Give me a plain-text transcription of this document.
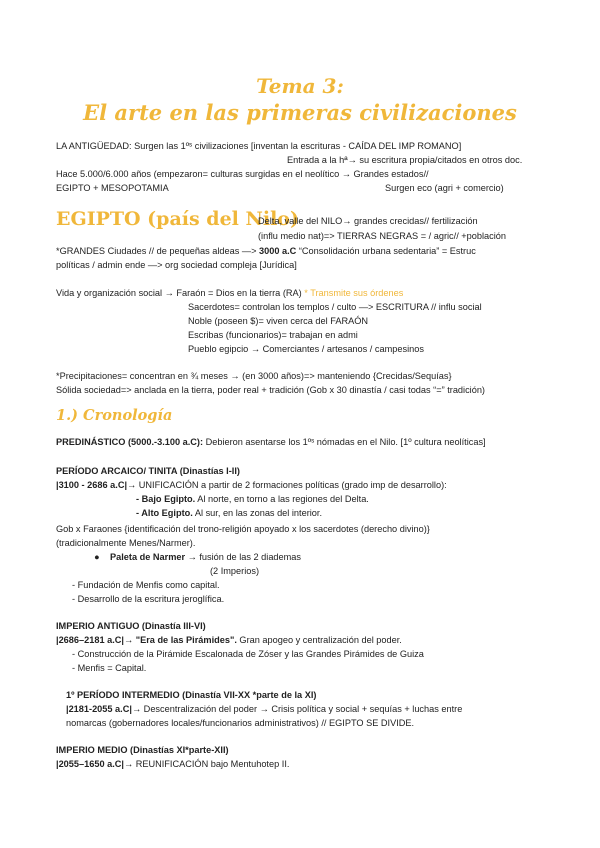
Tema 3:
El arte en las primeras civilizaciones
LA ANTIGÜEDAD: Surgen las 1ºˢ civilizaciones [inventan la escrituras - CAÍDA DEL IMP ROMANO]
Entrada a la hª→ su escritura propia/citados en otros doc.
Hace 5.000/6.000 años (empezaron= culturas surgidas en el neolítico → Grandes estados//
EGIPTO + MESOPOTAMIA	Surgen eco (agri + comercio)
EGIPTO (país del Nilo)
Delta, valle del NILO→ grandes crecidas// fertilización
(influ medio nat)=> TIERRAS NEGRAS = / agric// +población
*GRANDES Ciudades // de pequeñas aldeas —> 3000 a.C “Consolidación urbana sedentaria” = Estruc
políticas / admin ende —> org sociedad compleja [Jurídica]
Vida y organización social → Faraón = Dios en la tierra (RA) * Transmite sus órdenes
Sacerdotes= controlan los templos / culto —> ESCRITURA // influ social
Noble (poseen $)= viven cerca del FARAÓN
Escribas (funcionarios)= trabajan en admi
Pueblo egipcio → Comerciantes / artesanos / campesinos
*Precipitaciones= concentran en ¾ meses → (en 3000 años)=> manteniendo {Crecidas/Sequías}
Sólida sociedad=> anclada en la tierra, poder real + tradición (Gob x 30 dinastía / casi todas “=” tradición)
1.) Cronología
PREDINÁSTICO (5000.-3.100 a.C): Debieron asentarse los 1ºˢ nómadas en el Nilo. [1º cultura neolíticas]
PERÍODO ARCAICO/ TINITA (Dinastías I-II)
|3100 - 2686 a.C|→ UNIFICACIÓN a partir de 2 formaciones políticas (grado imp de desarrollo):
- Bajo Egipto. Al norte, en torno a las regiones del Delta.
- Alto Egipto. Al sur, en las zonas del interior.
Gob x Faraones {identificación del trono-religión apoyado x los sacerdotes (derecho divino)}
(tradicionalmente Menes/Narmer).
● Paleta de Narmer → fusión de las 2 diademas
(2 Imperios)
- Fundación de Menfis como capital.
- Desarrollo de la escritura jeroglífica.
IMPERIO ANTIGUO (Dinastía III-VI)
|2686–2181 a.C|→ "Era de las Pirámides". Gran apogeo y centralización del poder.
- Construcción de la Pirámide Escalonada de Zóser y las Grandes Pirámides de Guiza
- Menfis = Capital.
1º PERÍODO INTERMEDIO (Dinastía VII-XX *parte de la XI)
|2181-2055 a.C|→ Descentralización del poder → Crisis política y social + sequías + luchas entre
nomarcas (gobernadores locales/funcionarios administrativos) // EGIPTO SE DIVIDE.
IMPERIO MEDIO (Dinastías XI*parte-XII)
|2055–1650 a.C|→ REUNIFICACIÓN bajo Mentuhotep II.
